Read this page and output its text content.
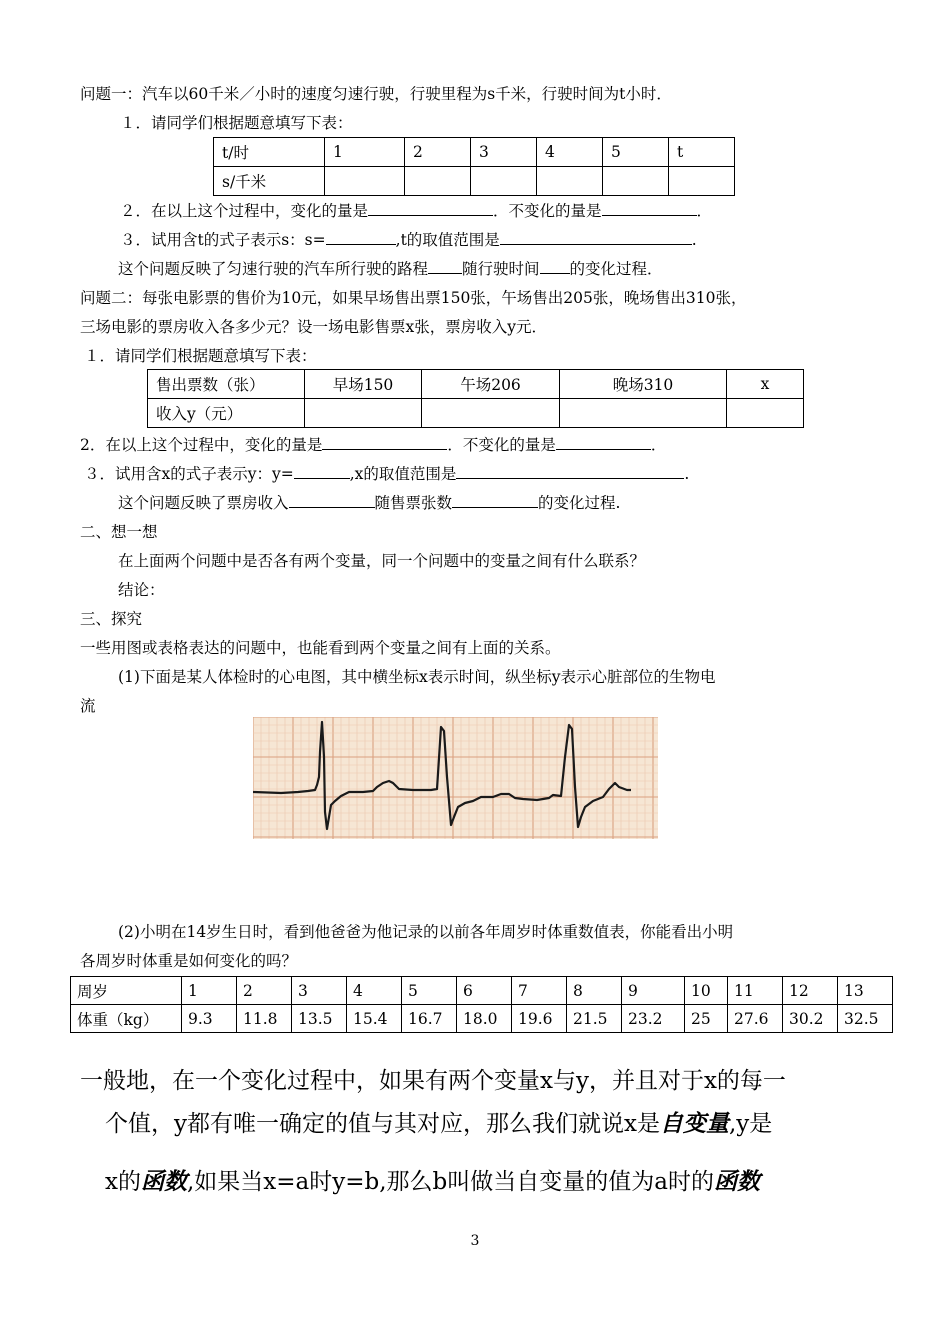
问题一：汽车以60千米／小时的速度匀速行驶，行驶里程为s千米，行驶时间为t小时．
１．请同学们根据题意填写下表：
t/时	1	2	3	4	5	t
s/千米						
２．在以上这个过程中，变化的量是	．不变化的量是	．
３．试用含t的式子表示s：s=	,t的取值范围是	.
这个问题反映了匀速行驶的汽车所行驶的路程 随行驶时间 的变化过程．
问题二：每张电影票的售价为10元，如果早场售出票150张，午场售出205张，晚场售出310张，
三场电影的票房收入各多少元？设一场电影售票x张，票房收入y元．
１．请同学们根据题意填写下表：
售出票数（张）	早场150	午场206	晚场310	x
收入y（元）				
2．在以上这个过程中，变化的量是	．不变化的量是	．
３．试用含x的式子表示y：y=	,x的取值范围是	.
这个问题反映了票房收入	随售票张数	的变化过程.
二、想一想
在上面两个问题中是否各有两个变量，同一个问题中的变量之间有什么联系？
结论：
三、探究
一些用图或表格表达的问题中，也能看到两个变量之间有上面的关系。
(1)下面是某人体检时的心电图，其中横坐标x表示时间，纵坐标y表示心脏部位的生物电
流
(2)小明在14岁生日时，看到他爸爸为他记录的以前各年周岁时体重数值表，你能看出小明
各周岁时体重是如何变化的吗？
周岁	1	2	3	4	5	6	7	8	9	10	11	12	13
体重（kg）	9.3	11.8	13.5	15.4	16.7	18.0	19.6	21.5	23.2	25	27.6	30.2	32.5
一般地，在一个变化过程中，如果有两个变量x与y，并且对于x的每一
个值，y都有唯一确定的值与其对应，那么我们就说x是自变量,y是
x的函数,如果当x=a时y=b,那么b叫做当自变量的值为a时的函数
3
